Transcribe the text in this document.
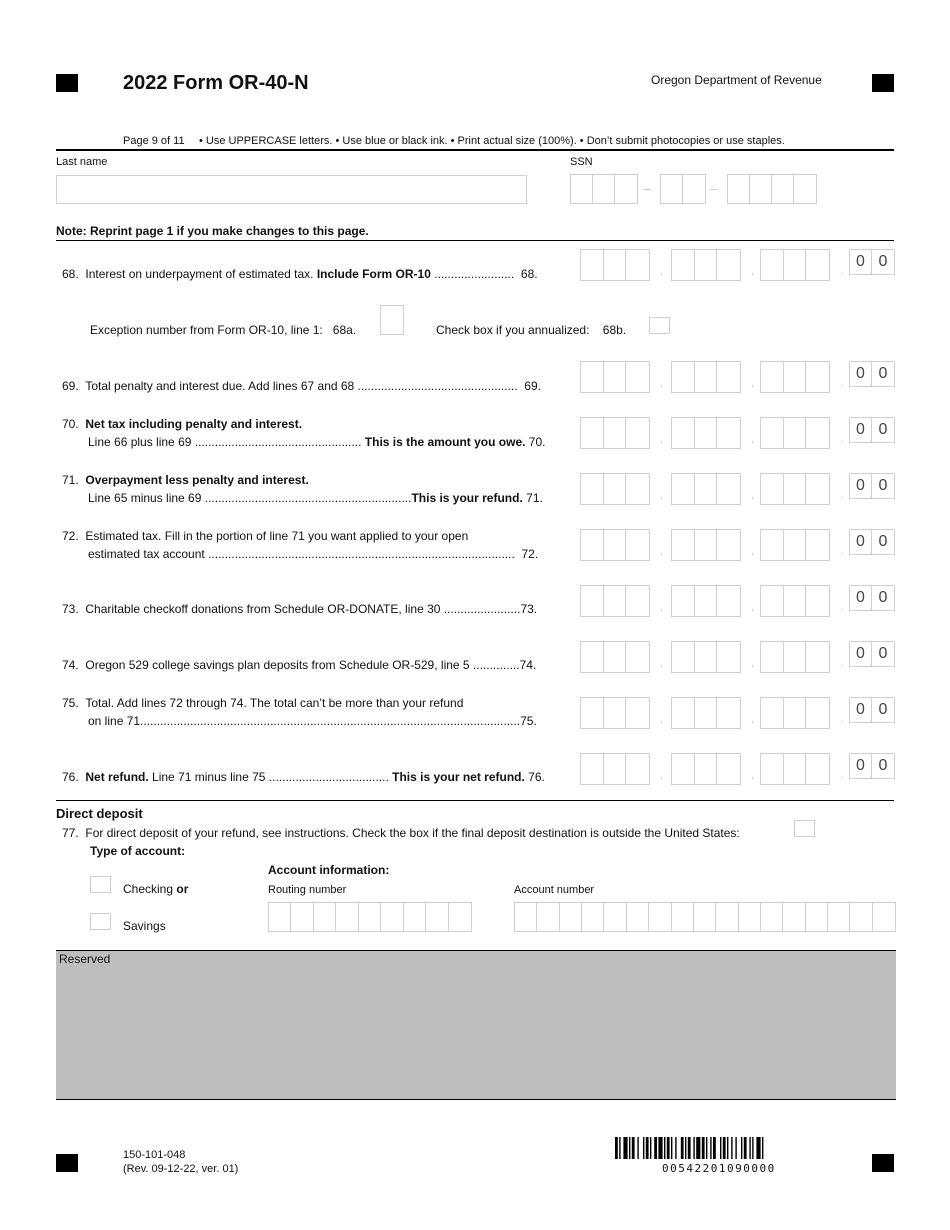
2022 Form OR-40-N	Oregon Department of Revenue
Page 9 of 11 • Use UPPERCASE letters. • Use blue or black ink. • Print actual size (100%). • Don’t submit photocopies or use staples.
Last name	SSN
–	–
Note: Reprint page 1 if you make changes to this page.
68. Interest on underpayment of estimated tax. Include Form OR-10 ........................ 68.	,	,	. 0 0
Exception number from Form OR-10, line 1: 68a.	Check box if you annualized: 68b.
69. Total penalty and interest due. Add lines 67 and 68 ................................................ 69.	,	,	. 0 0
70. Net tax including penalty and interest.
Line 66 plus line 69 .................................................. This is the amount you owe. 70.	,	,	. 0 0
71. Overpayment less penalty and interest.
Line 65 minus line 69 ..............................................................This is your refund. 71.	,	,	. 0 0
72. Estimated tax. Fill in the portion of line 71 you want applied to your open
estimated tax account ............................................................................................ 72.	,	,	. 0 0
73. Charitable checkoff donations from Schedule OR-DONATE, line 30 .......................73.	,	,	. 0 0
74. Oregon 529 college savings plan deposits from Schedule OR-529, line 5 ..............74.	,	,	. 0 0
75. Total. Add lines 72 through 74. The total can’t be more than your refund
on line 71..................................................................................................................75.	,	,	. 0 0
76. Net refund. Line 71 minus line 75 .................................... This is your net refund. 76.	,	,	. 0 0
Direct deposit
77. For direct deposit of your refund, see instructions. Check the box if the final deposit destination is outside the United States:
Type of account:
Checking or
Savings
Account information:
Routing number	Account number
Reserved
150-101-048
(Rev. 09-12-22, ver. 01)	00542201090000
